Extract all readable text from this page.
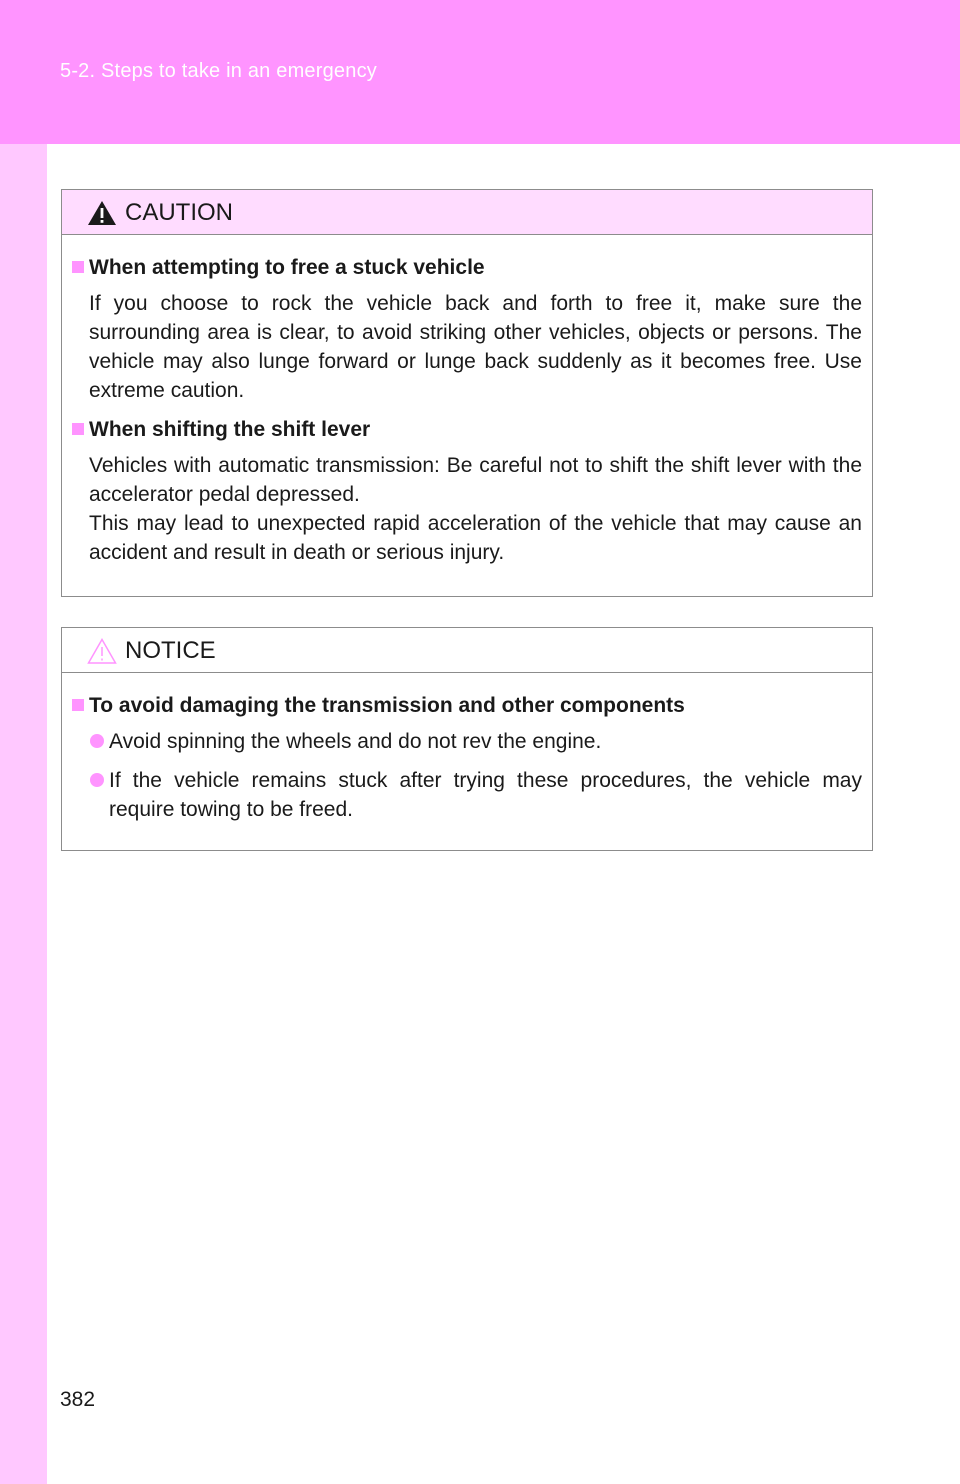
5-2. Steps to take in an emergency
CAUTION
When attempting to free a stuck vehicle
If you choose to rock the vehicle back and forth to free it, make sure the surrounding area is clear, to avoid striking other vehicles, objects or persons. The vehicle may also lunge forward or lunge back suddenly as it becomes free. Use extreme caution.
When shifting the shift lever
Vehicles with automatic transmission: Be careful not to shift the shift lever with the accelerator pedal depressed.
This may lead to unexpected rapid acceleration of the vehicle that may cause an accident and result in death or serious injury.
NOTICE
To avoid damaging the transmission and other components
Avoid spinning the wheels and do not rev the engine.
If the vehicle remains stuck after trying these procedures, the vehicle may require towing to be freed.
382
